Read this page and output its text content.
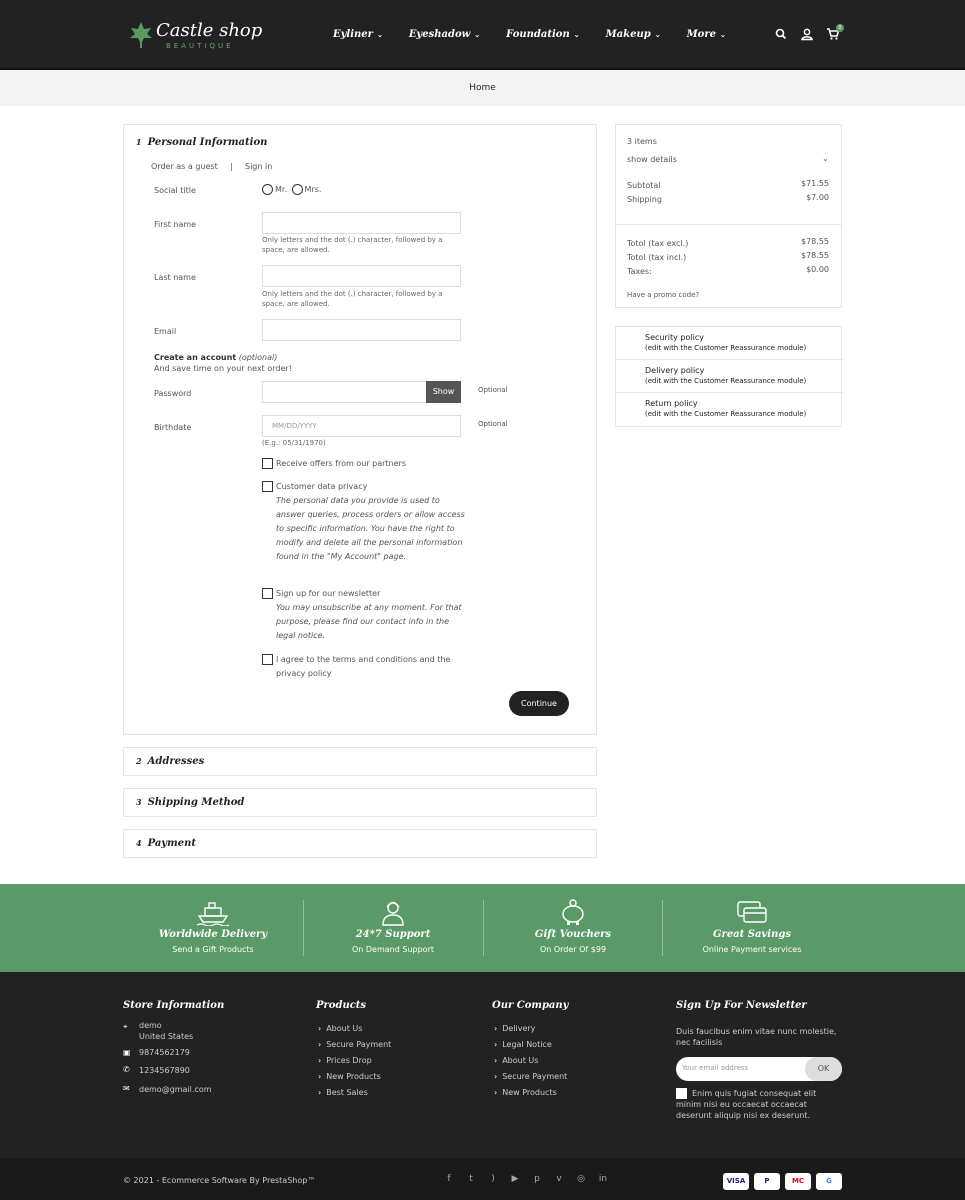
Castle shop
BEAUTIQUE
Eyliner ⌄	Eyeshadow ⌄	Foundation ⌄	Makeup ⌄	More ⌄
0
Home
1 Personal Information
Order as a guest | Sign in
Social title	Mr. Mrs.
First name
Only letters and the dot (.) character, followed by a space, are allowed.
Last name
Only letters and the dot (.) character, followed by a space, are allowed.
Email
Create an account (optional)
And save time on your next order!
Password	Show	Optional
Birthdate	MM/DD/YYYY	Optional
(E.g.: 05/31/1970)
Receive offers from our partners
Customer data privacy
The personal data you provide is used to answer queries, process orders or allow access to specific information. You have the right to modify and delete all the personal information found in the "My Account" page.
Sign up for our newsletter
You may unsubscribe at any moment. For that purpose, please find our contact info in the legal notice.
I agree to the terms and conditions and the privacy policy
Continue
2 Addresses
3 Shipping Method
4 Payment
3 items
show details	⌄
Subtotal	$71.55
Shipping	$7.00
Totol (tax excl.)	$78.55
Totol (tax incl.)	$78.55
Taxes:	$0.00
Have a promo code?
Security policy
(edit with the Customer Reassurance module)
Delivery policy
(edit with the Customer Reassurance module)
Return policy
(edit with the Customer Reassurance module)
Worldwide Delivery
Send a Gift Products
24*7 Support
On Demand Support
Gift Vouchers
On Order Of $99
Great Savings
Online Payment services
Store Information
⌖ demo
United States
▣ 9874562179
✆ 1234567890
✉ demo@gmail.com
Products
› About Us
› Secure Payment
› Prices Drop
› New Products
› Best Sales
Our Company
› Delivery
› Legal Notice
› About Us
› Secure Payment
› New Products
Sign Up For Newsletter
Duis faucibus enim vitae nunc molestie, nec facilisis
Your email address	OK
Enim quis fugiat consequat elit minim nisi eu occaecat occaecat deserunt aliquip nisi ex deserunt.
© 2021 - Ecommerce Software By PrestaShop™	f	t	)	▶	p	v	◎	in	VISA	P	MC	G
